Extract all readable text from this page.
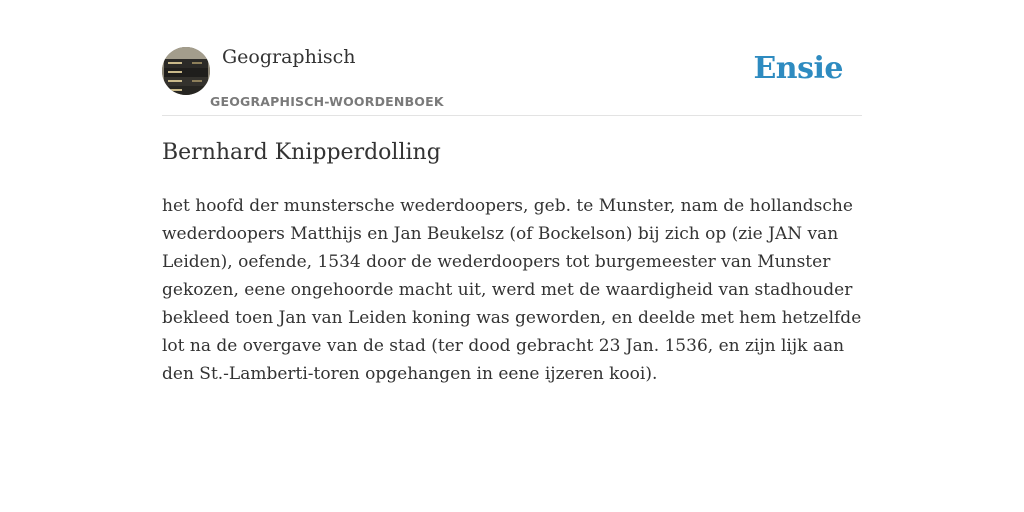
Geographisch
GEOGRAPHISCH-WOORDENBOEK
Ensie
Bernhard Knipperdolling

het hoofd der munstersche wederdoopers, geb. te Munster, nam de hollandsche wederdoopers Matthijs en Jan Beukelsz (of Bockelson) bij zich op (zie JAN van Leiden), oefende, 1534 door de wederdoopers tot burgemeester van Munster gekozen, eene ongehoorde macht uit, werd met de waardigheid van stadhouder bekleed toen Jan van Leiden koning was geworden, en deelde met hem hetzelfde lot na de overgave van de stad (ter dood gebracht 23 Jan. 1536, en zijn lijk aan den St.-Lamberti-toren opgehangen in eene ijzeren kooi).
